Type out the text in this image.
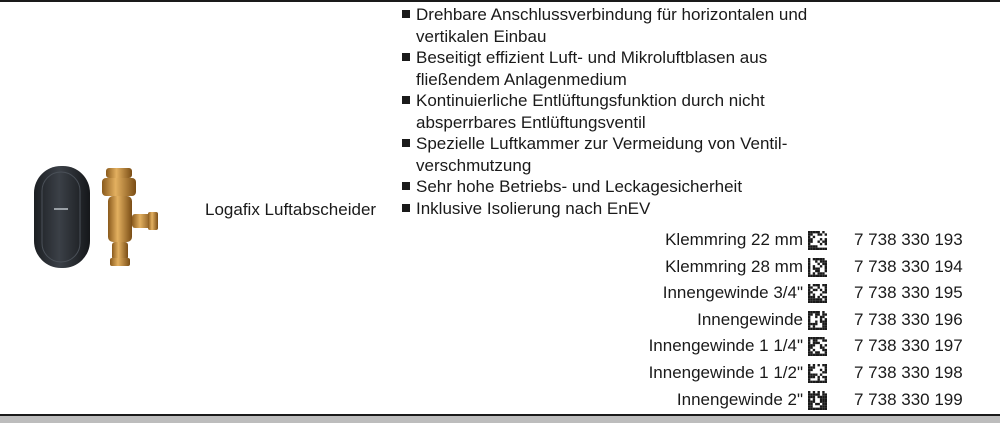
Logafix Luftabscheider
Drehbare Anschlussverbindung für horizontalen und vertikalen Einbau
Beseitigt effizient Luft- und Mikroluftblasen aus fließendem Anlagenmedium
Kontinuierliche Entlüftungsfunktion durch nicht absperrbares Entlüftungsventil
Spezielle Luftkammer zur Vermeidung von Ventil-verschmutzung
Sehr hohe Betriebs- und Leckagesicherheit
Inklusive Isolierung nach EnEV
Klemmring 22 mm	7 738 330 193
Klemmring 28 mm	7 738 330 194
Innengewinde 3/4"	7 738 330 195
Innengewinde	7 738 330 196
Innengewinde 1 1/4"	7 738 330 197
Innengewinde 1 1/2"	7 738 330 198
Innengewinde 2"	7 738 330 199
